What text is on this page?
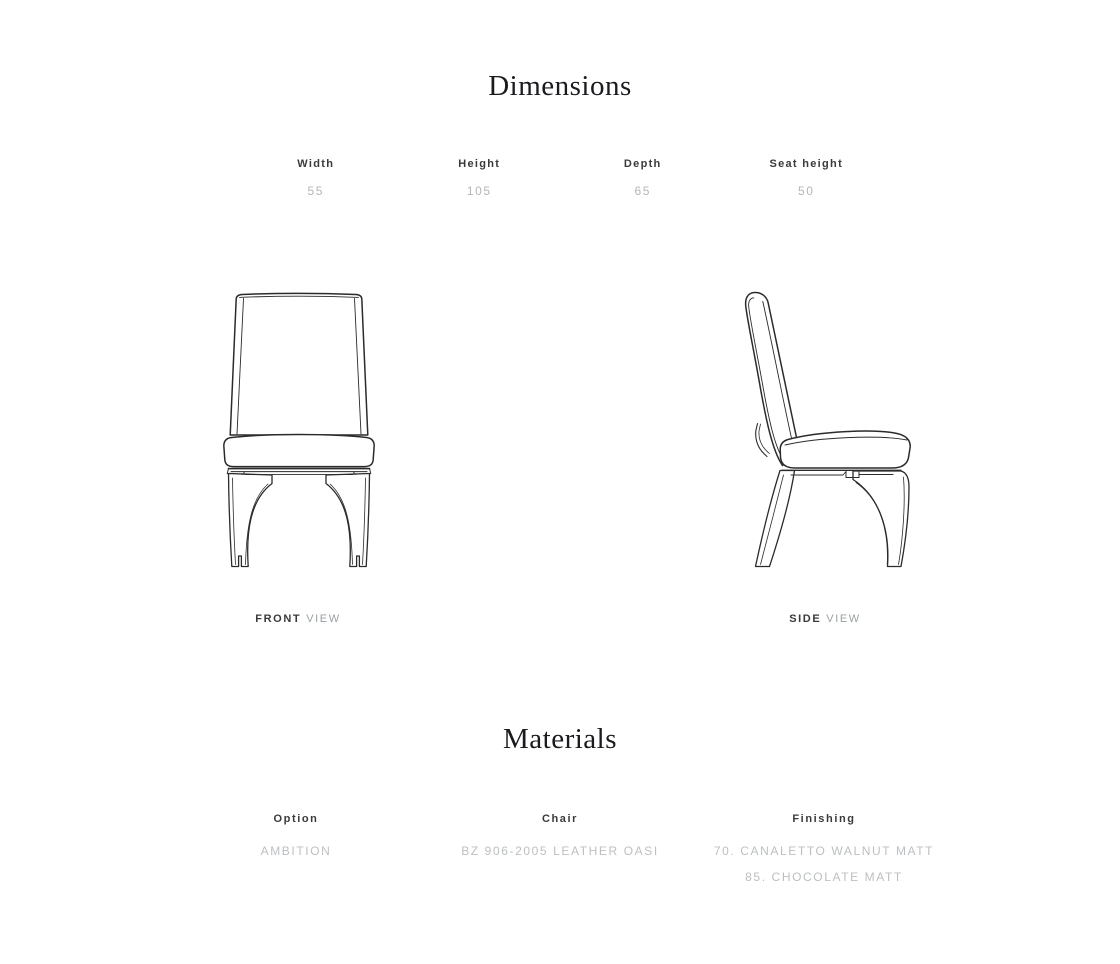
Dimensions
Width
55
Height
105
Depth
65
Seat height
50
FRONT VIEW	SIDE VIEW
Materials
Option
AMBITION
Chair
BZ 906-2005 LEATHER OASI
Finishing
70. CANALETTO WALNUT MATT
85. CHOCOLATE MATT
